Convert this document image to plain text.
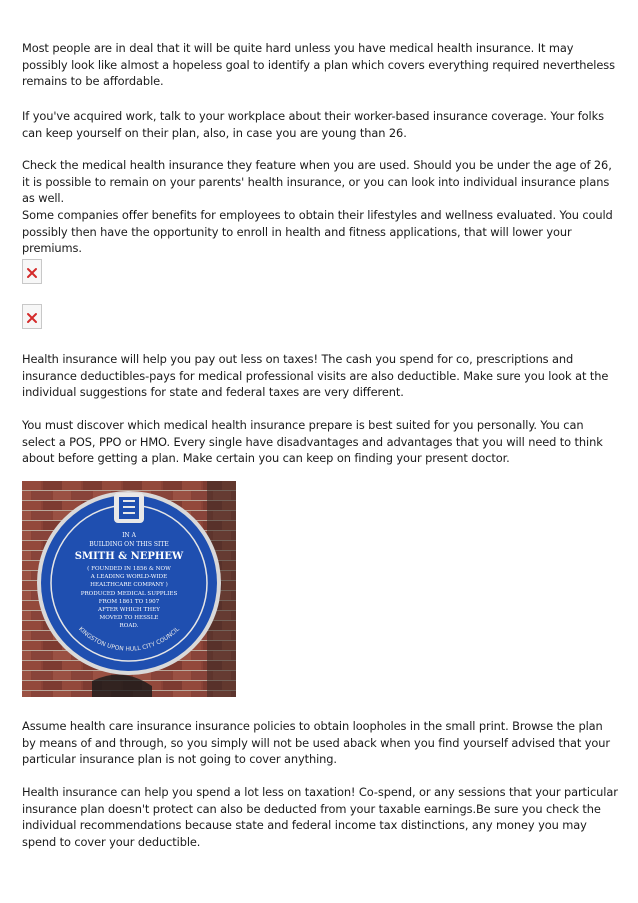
Most people are in deal that it will be quite hard unless you have medical health insurance. It may possibly look like almost a hopeless goal to identify a plan which covers everything required nevertheless remains to be affordable.

If you've acquired work, talk to your workplace about their worker-based insurance coverage. Your folks can keep yourself on their plan, also, in case you are young than 26.

Check the medical health insurance they feature when you are used. Should you be under the age of 26, it is possible to remain on your parents' health insurance, or you can look into individual insurance plans as well.

Some companies offer benefits for employees to obtain their lifestyles and wellness evaluated. You could possibly then have the opportunity to enroll in health and fitness applications, that will lower your premiums.

Health insurance will help you pay out less on taxes! The cash you spend for co, prescriptions and insurance deductibles-pays for medical professional visits are also deductible. Make sure you look at the individual suggestions for state and federal taxes are very different.

You must discover which medical health insurance prepare is best suited for you personally. You can select a POS, PPO or HMO. Every single have disadvantages and advantages that you will need to think about before getting a plan. Make certain you can keep on finding your present doctor.

IN A
BUILDING ON THIS SITE
SMITH & NEPHEW
( FOUNDED IN 1856 & NOW
A LEADING WORLD-WIDE
HEALTHCARE COMPANY )
PRODUCED MEDICAL SUPPLIES
FROM 1861 TO 1907
AFTER WHICH THEY
MOVED TO HESSLE
ROAD.
KINGSTON UPON HULL CITY COUNCIL

Assume health care insurance insurance policies to obtain loopholes in the small print. Browse the plan by means of and through, so you simply will not be used aback when you find yourself advised that your particular insurance plan is not going to cover anything.

Health insurance can help you spend a lot less on taxation! Co-spend, or any sessions that your particular insurance plan doesn't protect can also be deducted from your taxable earnings.Be sure you check the individual recommendations because state and federal income tax distinctions, any money you may spend to cover your deductible.
